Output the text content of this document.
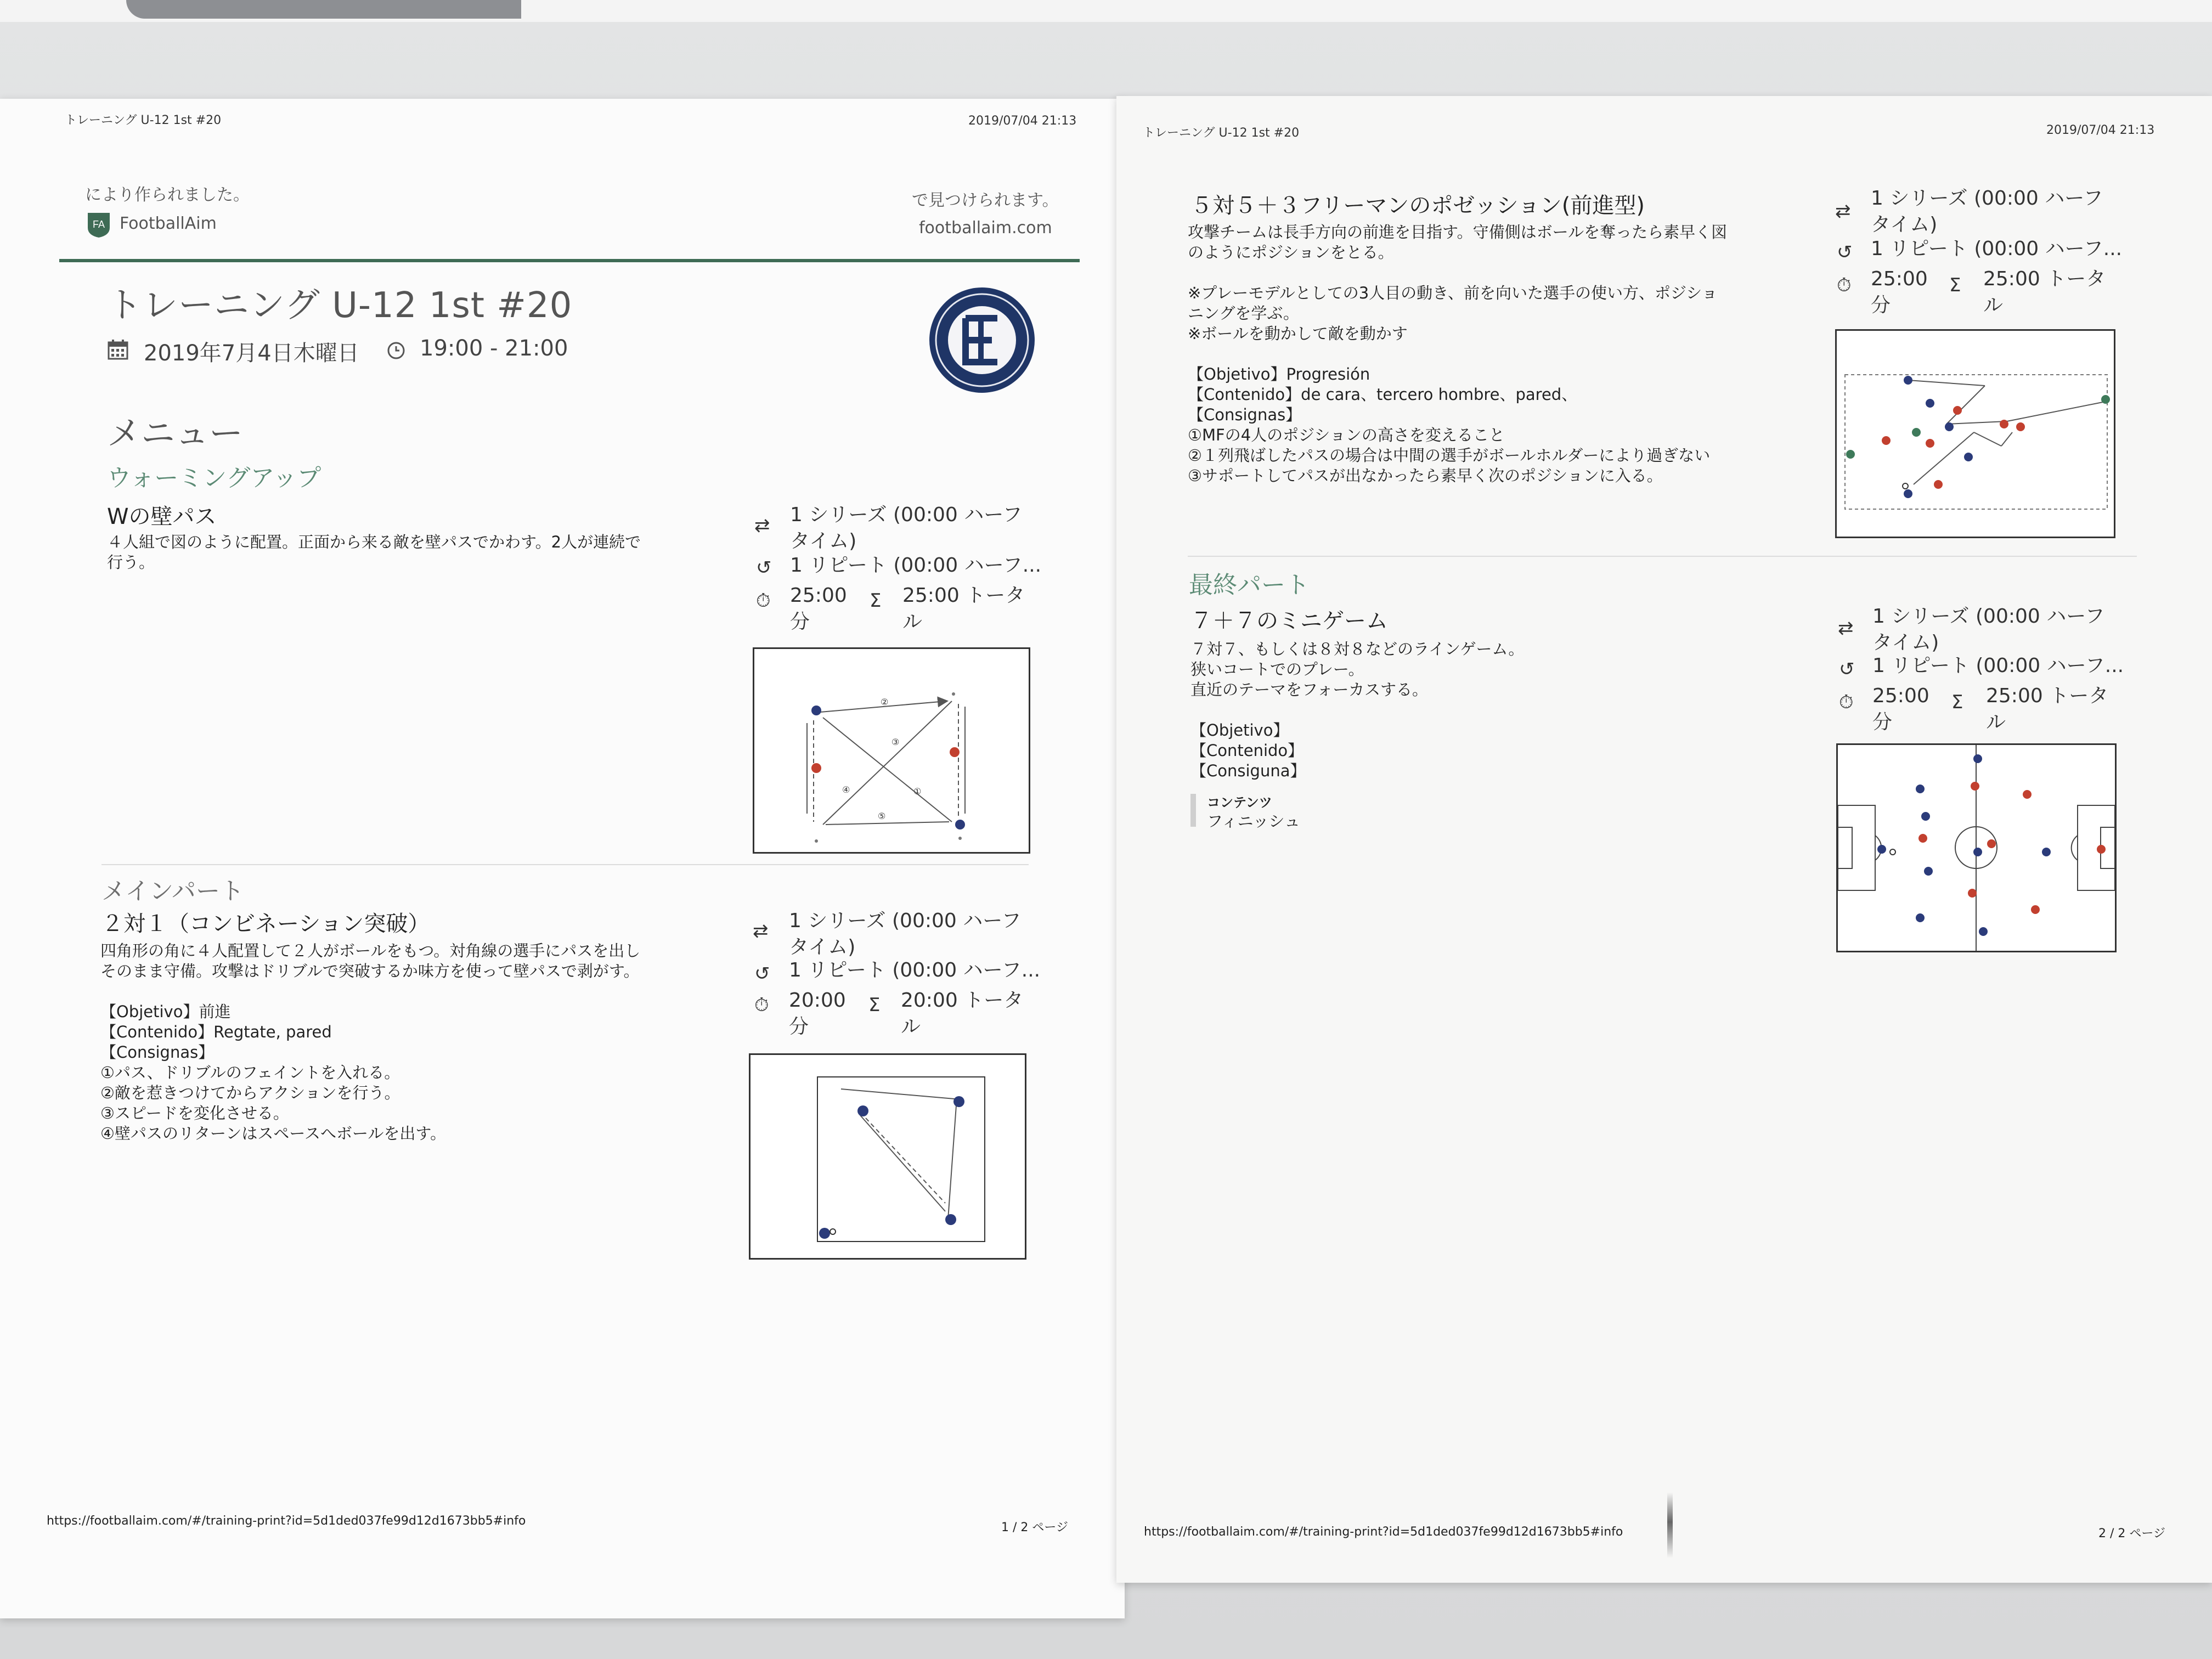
トレーニング U-12 1st #20	2019/07/04 21:13
により作られました。
FA FootballAim
で見つけられます。
footballaim.com
トレーニング U-12 1st #20
2019年7月4日木曜日	19:00 - 21:00
メニュー
ウォーミングアップ
Wの壁パス
４人組で図のように配置。正面から来る敵を壁パスでかわす。2人が連続で
行う。
⇄ 1 シリーズ (00:00 ハーフ
タイム)
↺ 1 リピート (00:00 ハーフ...
⏱ 25:00
分
Σ 25:00 トータ
ル
②
③
④
⑤
①
メインパート
２対１（コンビネーション突破）
四角形の角に４人配置して２人がボールをもつ。対角線の選手にパスを出し
そのまま守備。攻撃はドリブルで突破するか味方を使って壁パスで剥がす。

【Objetivo】前進
【Contenido】Regtate, pared
【Consignas】
①パス、ドリブルのフェイントを入れる。
②敵を惹きつけてからアクションを行う。
③スピードを変化させる。
④壁パスのリターンはスペースへボールを出す。
⇄ 1 シリーズ (00:00 ハーフ
タイム)
↺ 1 リピート (00:00 ハーフ...
⏱ 20:00
分
Σ 20:00 トータ
ル
https://footballaim.com/#/training-print?id=5d1ded037fe99d12d1673bb5#info	1 / 2 ページ
トレーニング U-12 1st #20	2019/07/04 21:13
５対５＋３フリーマンのポゼッション(前進型)
攻撃チームは長手方向の前進を目指す。守備側はボールを奪ったら素早く図
のようにポジションをとる。

※プレーモデルとしての3人目の動き、前を向いた選手の使い方、ポジショ
ニングを学ぶ。
※ボールを動かして敵を動かす

【Objetivo】Progresión
【Contenido】de cara、tercero hombre、pared、
【Consignas】
①MFの4人のポジションの高さを変えること
②１列飛ばしたパスの場合は中間の選手がボールホルダーにより過ぎない
③サポートしてパスが出なかったら素早く次のポジションに入る。
⇄
1 シリーズ (00:00 ハーフ
タイム)
↺ 1 リピート (00:00 ハーフ...
⏱ 25:00
分
Σ 25:00 トータ
ル
最終パート
７＋７のミニゲーム
７対７、もしくは８対８などのラインゲーム。
狭いコートでのプレー。
直近のテーマをフォーカスする。

【Objetivo】
【Contenido】
【Consiguna】
コンテンツ
フィニッシュ
⇄
1 シリーズ (00:00 ハーフ
タイム)
↺ 1 リピート (00:00 ハーフ...
⏱ 25:00
分
Σ 25:00 トータ
ル
https://footballaim.com/#/training-print?id=5d1ded037fe99d12d1673bb5#info	2 / 2 ページ
